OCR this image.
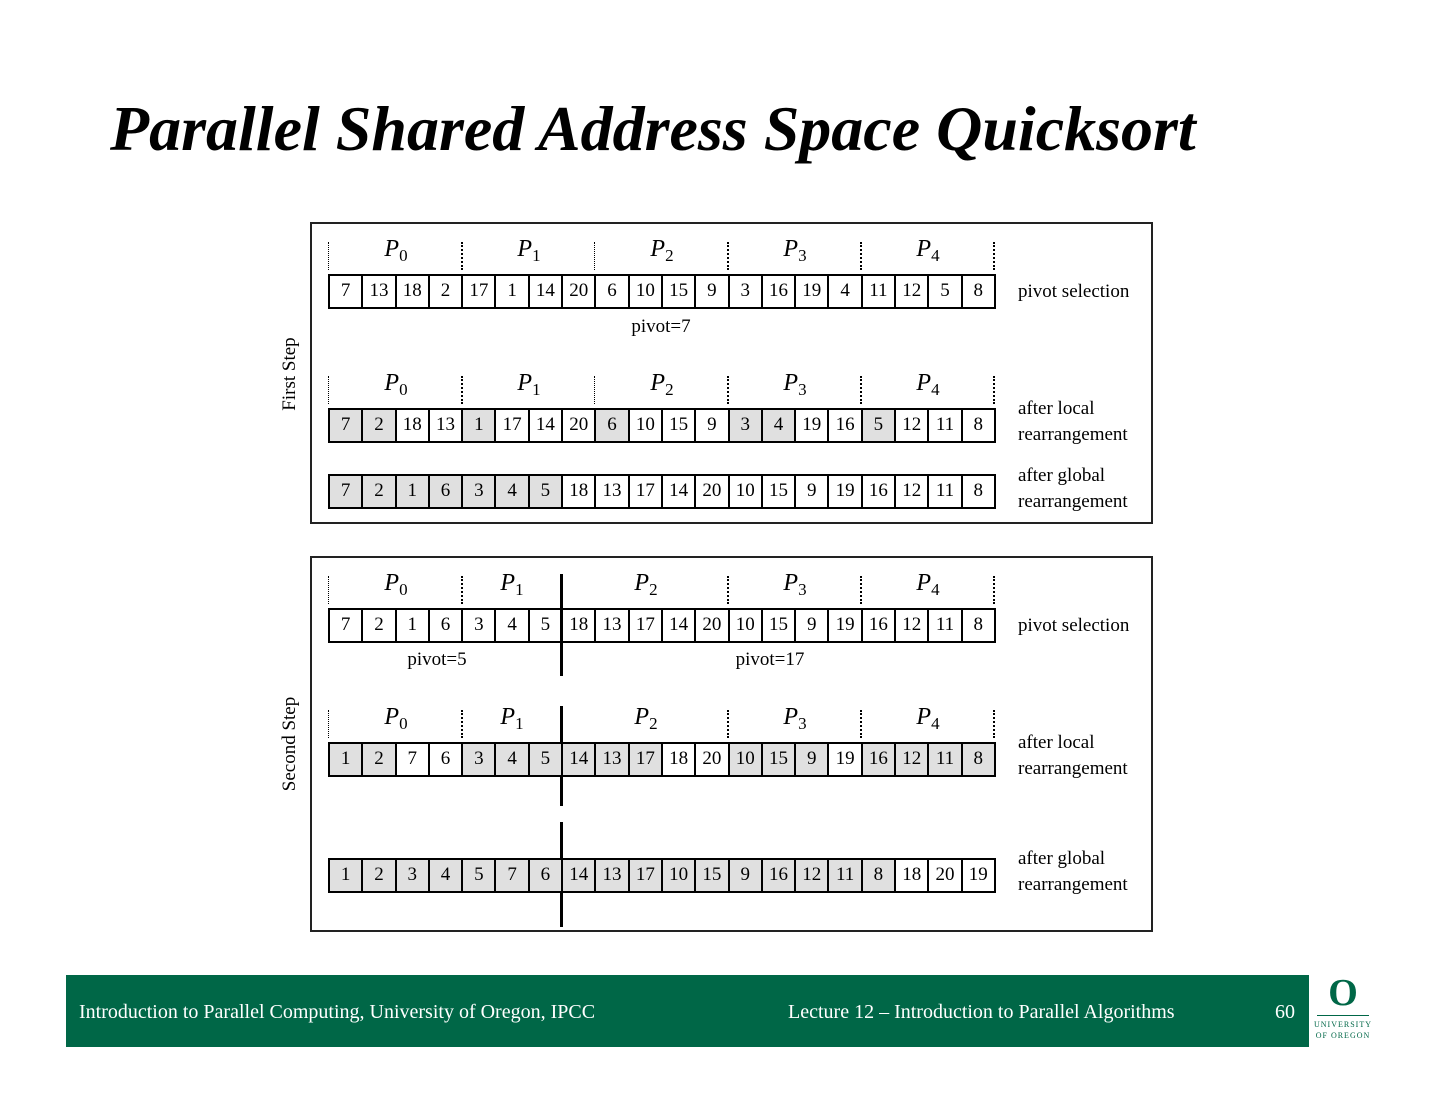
Parallel Shared Address Space Quicksort
First Step
$P_0$	$P_1$	$P_2$	$P_3$	$P_4$
7	13 18	2	17	1	14 20	6	10 15	9	3	16 19	4	11 12	5	8	pivot selection
pivot=7
$P_0$	$P_1$	$P_2$	$P_3$	$P_4$
7	2	18 13	1	17 14 20	6	10 15	9	3	4	19 16	5	12 11	8
after local
rearrangement
7	2	1	6	3	4	5	18 13 17 14 20 10 15	9	19 16 12 11	8
after global
rearrangement
Second Step
$P_0$	$P_1$	$P_2$	$P_3$	$P_4$
7	2	1	6	3	4	5	18 13 17 14 20 10 15	9	19 16 12 11	8	pivot selection
pivot=5	pivot=17
$P_0$	$P_1$	$P_2$	$P_3$	$P_4$
1	2	7	6	3	4	5	14 13 17 18 20 10 15	9	19 16 12 11	8
after local
rearrangement
1	2	3	4	5	7	6	14 13 17 10 15	9	16 12 11	8	18 20 19
after global
rearrangement
Introduction to Parallel Computing, University of Oregon, IPCC	Lecture 12 – Introduction to Parallel Algorithms	60 O
UNIVERSITY
OF OREGON
